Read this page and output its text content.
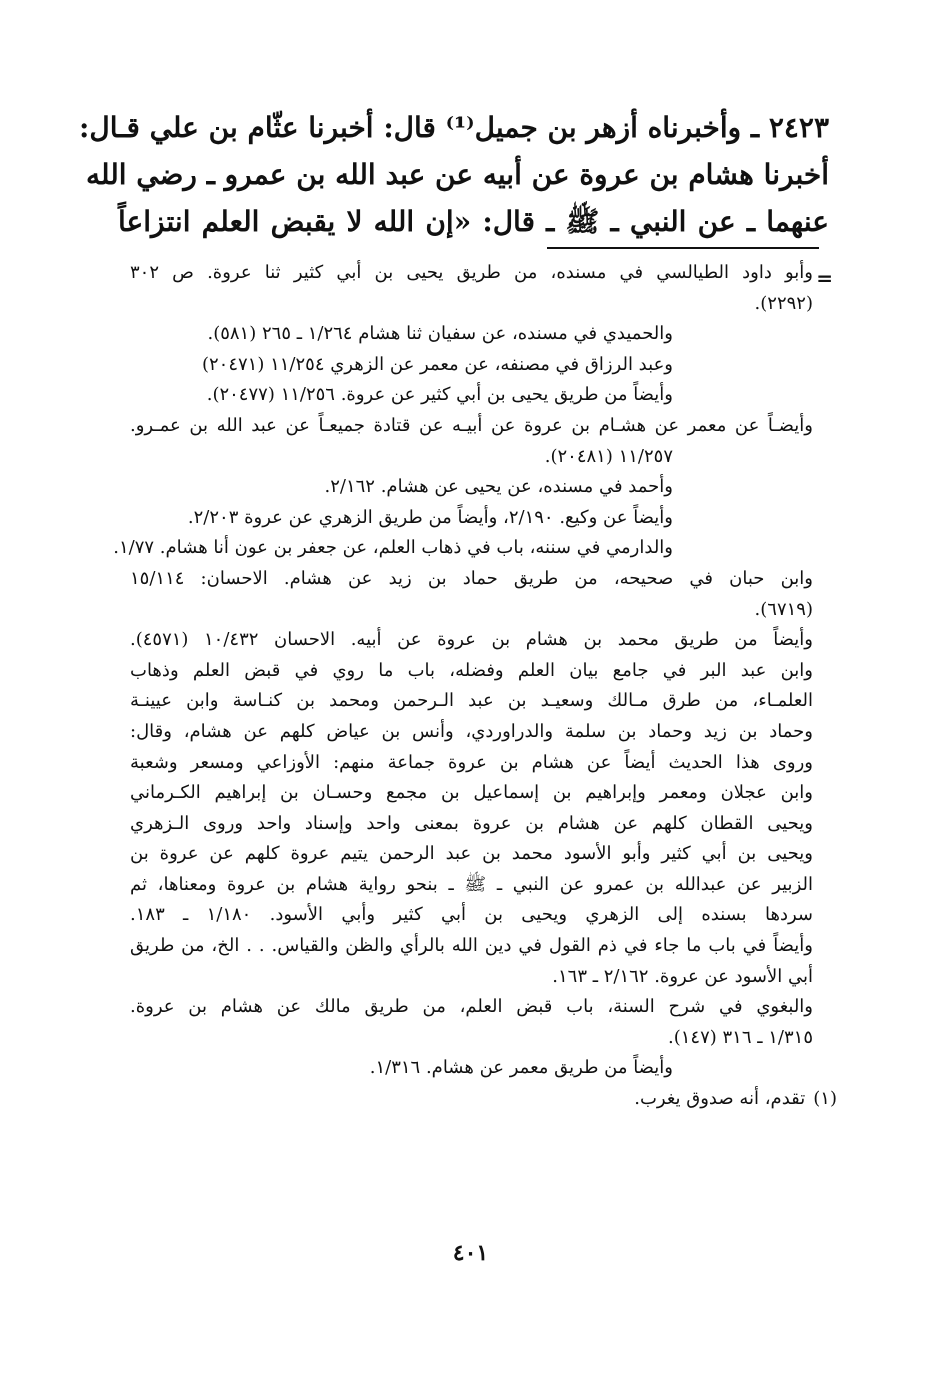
٢٤٢٣ ـ وأخبرناه أزهر بن جميل⁽¹⁾ قال: أخبرنا عثّام بن علي قـال:
أخبرنا هشام بن عروة عن أبيه عن عبد الله بن عمرو ـ رضي الله
عنهما ـ عن النبي ـ ﷺ ـ قال: «إن الله لا يقبض العلم انتزاعاً
=
وأبو داود الطيالسي في مسنده، من طريق يحيى بن أبي كثير ثنا عروة. ص ٣٠٢
(٢٢٩٢).
والحميدي في مسنده، عن سفيان ثنا هشام ١/٢٦٤ ـ ٢٦٥ (٥٨١).
وعبد الرزاق في مصنفه، عن معمر عن الزهري ١١/٢٥٤ (٢٠٤٧١)
وأيضاً من طريق يحيى بن أبي كثير عن عروة. ١١/٢٥٦ (٢٠٤٧٧).
وأيضـاً عن معمر عن هشـام بن عروة عن أبيـه عن قتادة جميعـاً عن عبد الله بن عمـرو.
١١/٢٥٧ (٢٠٤٨١).
وأحمد في مسنده، عن يحيى عن هشام. ٢/١٦٢.
وأيضاً عن وكيع. ٢/١٩٠، وأيضاً من طريق الزهري عن عروة ٢/٢٠٣.
والدارمي في سننه، باب في ذهاب العلم، عن جعفر بن عون أنا هشام. ١/٧٧.
وابن حبان في صحيحه، من طريق حماد بن زيد عن هشام. الاحسان: ١٥/١١٤
(٦٧١٩).
وأيضاً من طريق محمد بن هشام بن عروة عن أبيه. الاحسان ١٠/٤٣٢ (٤٥٧١).
وابن عبد البر في جامع بيان العلم وفضله، باب ما روي في قبض العلم وذهاب
العلمـاء، من طرق مـالك وسعيـد بن عبد الـرحمن ومحمد بن كنـاسة وابن عيينـة
وحماد بن زيد وحماد بن سلمة والدراوردي، وأنس بن عياض كلهم عن هشام، وقال:
وروى هذا الحديث أيضاً عن هشام بن عروة جماعة منهم: الأوزاعي ومسعر وشعبة
وابن عجلان ومعمر وإبراهيم بن إسماعيل بن مجمع وحسـان بن إبراهيم الكـرماني
ويحيى القطان كلهم عن هشام بن عروة بمعنى واحد وإسناد واحد وروى الـزهري
ويحيى بن أبي كثير وأبو الأسود محمد بن عبد الرحمن يتيم عروة كلهم عن عروة بن
الزبير عن عبدالله بن عمرو عن النبي ـ ﷺ ـ بنحو رواية هشام بن عروة ومعناها، ثم
سردها بسنده إلى الزهري ويحيى بن أبي كثير وأبي الأسود. ١/١٨٠ ـ ١٨٣.
وأيضاً في باب ما جاء في ذم القول في دين الله بالرأي والظن والقياس. . . الخ، من طريق
أبي الأسود عن عروة. ٢/١٦٢ ـ ١٦٣.
والبغوي في شرح السنة، باب قبض العلم، من طريق مالك عن هشام بن عروة.
١/٣١٥ ـ ٣١٦ (١٤٧).
وأيضاً من طريق معمر عن هشام. ١/٣١٦.
(١)تقدم، أنه صدوق يغرب.
٤٠١
